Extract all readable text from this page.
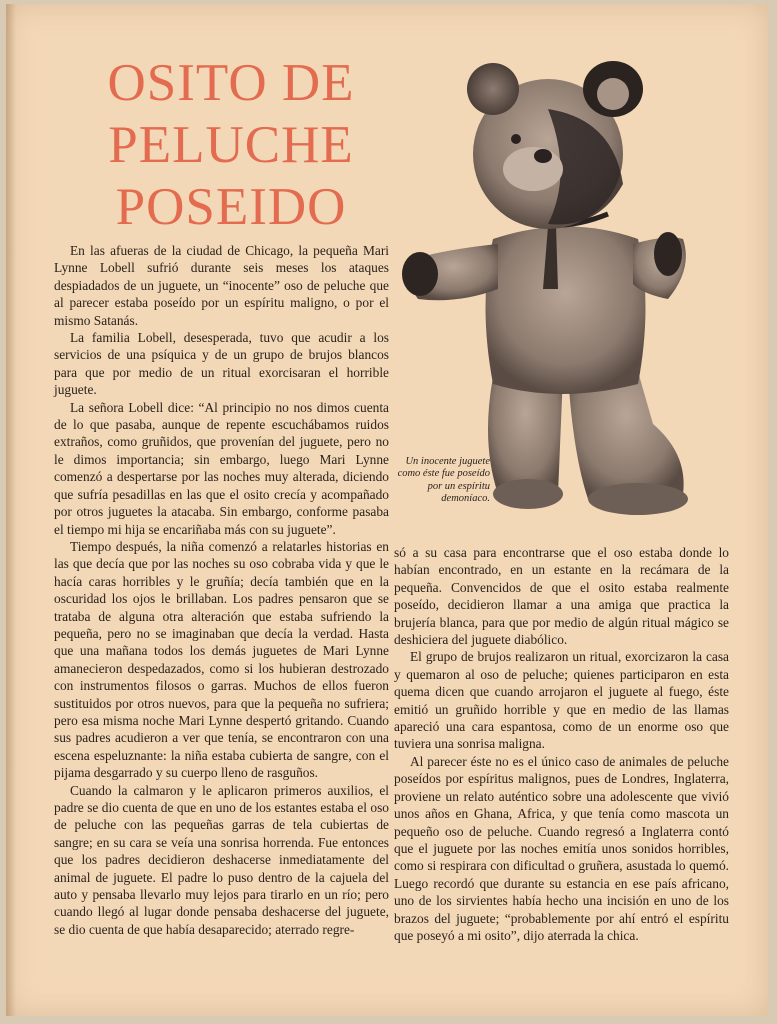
OSITO DE
PELUCHE
POSEIDO

Un inocente juguete como éste fue poseído por un espíritu demoníaco.

En las afueras de la ciudad de Chicago, la pequeña Mari Lynne Lobell sufrió durante seis meses los ataques despiadados de un juguete, un “inocente” oso de peluche que al parecer estaba poseído por un espíritu maligno, o por el mismo Satanás.

La familia Lobell, desesperada, tuvo que acudir a los servicios de una psíquica y de un grupo de brujos blancos para que por medio de un ritual exorcisaran el horrible juguete.

La señora Lobell dice: “Al principio no nos dimos cuenta de lo que pasaba, aunque de repente escuchábamos ruidos extraños, como gruñidos, que provenían del juguete, pero no le dimos importancia; sin embargo, luego Mari Lynne comenzó a despertarse por las noches muy alterada, diciendo que sufría pesadillas en las que el osito crecía y acompañado por otros juguetes la atacaba. Sin embargo, conforme pasaba el tiempo mi hija se encariñaba más con su juguete”.

Tiempo después, la niña comenzó a relatarles historias en las que decía que por las noches su oso cobraba vida y que le hacía caras horribles y le gruñía; decía también que en la oscuridad los ojos le brillaban. Los padres pensaron que se trataba de alguna otra alteración que estaba sufriendo la pequeña, pero no se imaginaban que decía la verdad. Hasta que una mañana todos los demás juguetes de Mari Lynne amanecieron despedazados, como si los hubieran destrozado con instrumentos filosos o garras. Muchos de ellos fueron sustituidos por otros nuevos, para que la pequeña no sufriera; pero esa misma noche Mari Lynne despertó gritando. Cuando sus padres acudieron a ver que tenía, se encontraron con una escena espeluznante: la niña estaba cubierta de sangre, con el pijama desgarrado y su cuerpo lleno de rasguños.

Cuando la calmaron y le aplicaron primeros auxilios, el padre se dio cuenta de que en uno de los estantes estaba el oso de peluche con las pequeñas garras de tela cubiertas de sangre; en su cara se veía una sonrisa horrenda. Fue entonces que los padres decidieron deshacerse inmediatamente del animal de juguete. El padre lo puso dentro de la cajuela del auto y pensaba llevarlo muy lejos para tirarlo en un río; pero cuando llegó al lugar donde pensaba deshacerse del juguete, se dio cuenta de que había desaparecido; aterrado regre-

só a su casa para encontrarse que el oso estaba donde lo habían encontrado, en un estante en la recámara de la pequeña. Convencidos de que el osito estaba realmente poseído, decidieron llamar a una amiga que practica la brujería blanca, para que por medio de algún ritual mágico se deshiciera del juguete diabólico.

El grupo de brujos realizaron un ritual, exorcizaron la casa y quemaron al oso de peluche; quienes participaron en esta quema dicen que cuando arrojaron el juguete al fuego, éste emitió un gruñido horrible y que en medio de las llamas apareció una cara espantosa, como de un enorme oso que tuviera una sonrisa maligna.

Al parecer éste no es el único caso de animales de peluche poseídos por espíritus malignos, pues de Londres, Inglaterra, proviene un relato auténtico sobre una adolescente que vivió unos años en Ghana, Africa, y que tenía como mascota un pequeño oso de peluche. Cuando regresó a Inglaterra contó que el juguete por las noches emitía unos sonidos horribles, como si respirara con dificultad o gruñera, asustada lo quemó. Luego recordó que durante su estancia en ese país africano, uno de los sirvientes había hecho una incisión en uno de los brazos del juguete; “probablemente por ahí entró el espíritu que poseyó a mi osito”, dijo aterrada la chica.
